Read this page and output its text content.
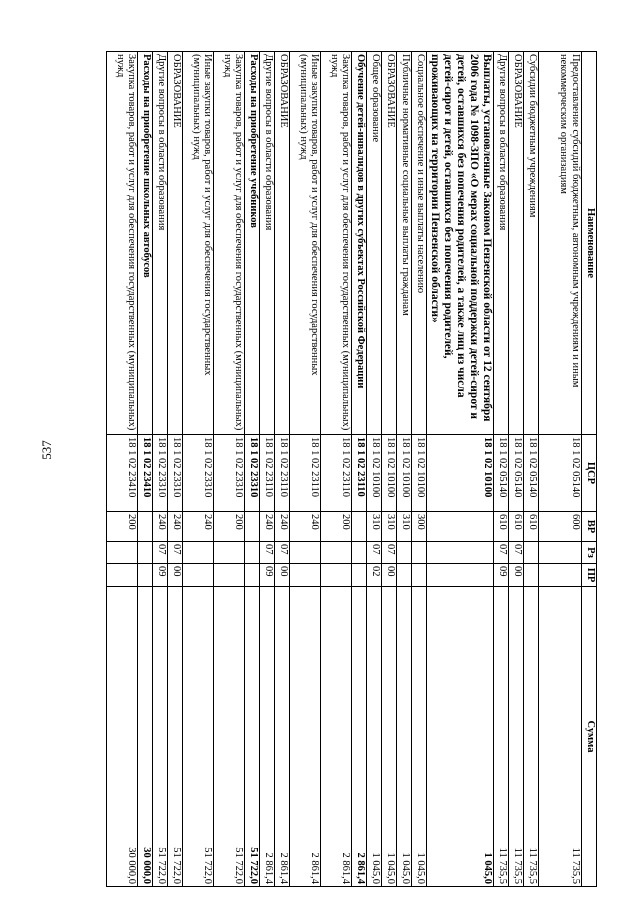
537
Наименование	ЦСР	ВР	Рз	ПР	Сумма
Предоставление субсидий бюджетным, автономным учреждениям и иным некоммерческим организациям	18 1 02 05140	600			11 735,5
Субсидии бюджетным учреждениям	18 1 02 05140	610			11 735,5
ОБРАЗОВАНИЕ	18 1 02 05140	610	07	00	11 735,5
Другие вопросы в области образования	18 1 02 05140	610	07	09	11 735,5
Выплаты, установленные Законом Пензенской области от 12 сентября 2006 года № 1098-ЗПО «О мерах социальной поддержки детей-сирот и детей, оставшихся без попечения родителей, а также лиц из числа детей-сирот и детей, оставшихся без попечения родителей, проживающих на территории Пензенской области»	18 1 02 10100				1 045,0
Социальное обеспечение и иные выплаты населению	18 1 02 10100	300			1 045,0
Публичные нормативные социальные выплаты гражданам	18 1 02 10100	310			1 045,0
ОБРАЗОВАНИЕ	18 1 02 10100	310	07	00	1 045,0
Общее образование	18 1 02 10100	310	07	02	1 045,0
Обучение детей-инвалидов в других субъектах Российской Федерации	18 1 02 23110				2 861,4
Закупка товаров, работ и услуг для обеспечения государственных (муниципальных) нужд	18 1 02 23110	200			2 861,4
Иные закупки товаров, работ и услуг для обеспечения государственных (муниципальных) нужд	18 1 02 23110	240			2 861,4
ОБРАЗОВАНИЕ	18 1 02 23110	240	07	00	2 861,4
Другие вопросы в области образования	18 1 02 23110	240	07	09	2 861,4
Расходы на приобретение учебников	18 1 02 23310				51 722,0
Закупка товаров, работ и услуг для обеспечения государственных (муниципальных) нужд	18 1 02 23310	200			51 722,0
Иные закупки товаров, работ и услуг для обеспечения государственных (муниципальных) нужд	18 1 02 23310	240			51 722,0
ОБРАЗОВАНИЕ	18 1 02 23310	240	07	00	51 722,0
Другие вопросы в области образования	18 1 02 23310	240	07	09	51 722,0
Расходы на приобретение школьных автобусов	18 1 02 23410				30 000,0
Закупка товаров, работ и услуг для обеспечения государственных (муниципальных) нужд	18 1 02 23410	200			30 000,0
